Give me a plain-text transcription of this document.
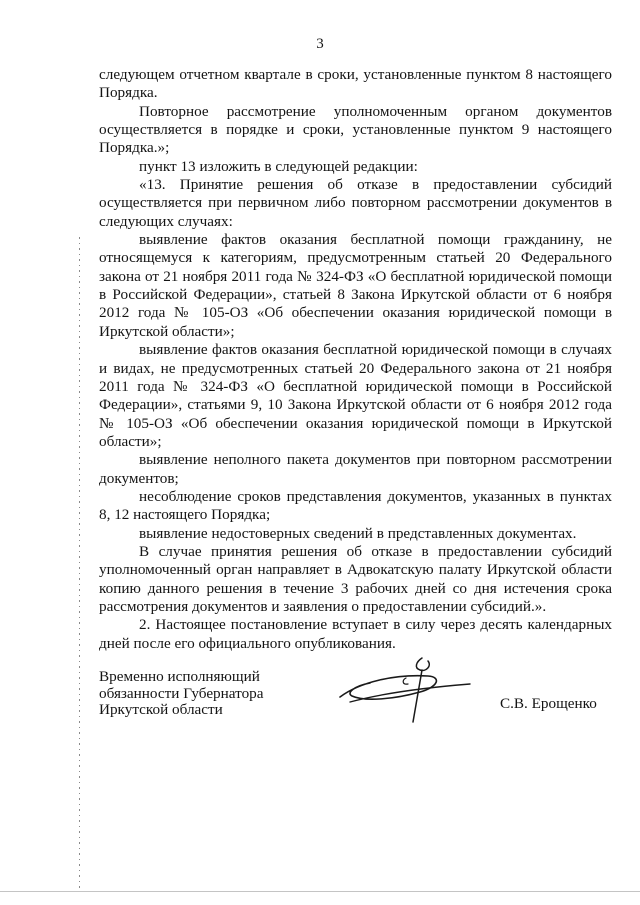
3

следующем отчетном квартале в сроки, установленные пунктом 8 настоящего Порядка.

Повторное рассмотрение уполномоченным органом документов осуществляется в порядке и сроки, установленные пунктом 9 настоящего Порядка.»;

пункт 13 изложить в следующей редакции:

«13. Принятие решения об отказе в предоставлении субсидий осуществляется при первичном либо повторном рассмотрении документов в следующих случаях:

выявление фактов оказания бесплатной помощи гражданину, не относящемуся к категориям, предусмотренным статьей 20 Федерального закона от 21 ноября 2011 года № 324-ФЗ «О бесплатной юридической помощи в Российской Федерации», статьей 8 Закона Иркутской области от 6 ноября 2012 года № 105-ОЗ «Об обеспечении оказания юридической помощи в Иркутской области»;

выявление фактов оказания бесплатной юридической помощи в случаях и видах, не предусмотренных статьей 20 Федерального закона от 21 ноября 2011 года № 324-ФЗ «О бесплатной юридической помощи в Российской Федерации», статьями 9, 10 Закона Иркутской области от 6 ноября 2012 года № 105-ОЗ «Об обеспечении оказания юридической помощи в Иркутской области»;

выявление неполного пакета документов при повторном рассмотрении документов;

несоблюдение сроков представления документов, указанных в пунктах 8, 12 настоящего Порядка;

выявление недостоверных сведений в представленных документах.

В случае принятия решения об отказе в предоставлении субсидий уполномоченный орган направляет в Адвокатскую палату Иркутской области копию данного решения в течение 3 рабочих дней со дня истечения срока рассмотрения документов и заявления о предоставлении субсидий.».

2. Настоящее постановление вступает в силу через десять календарных дней после его официального опубликования.

Временно исполняющий
обязанности Губернатора
Иркутской области	С.В. Ерощенко
